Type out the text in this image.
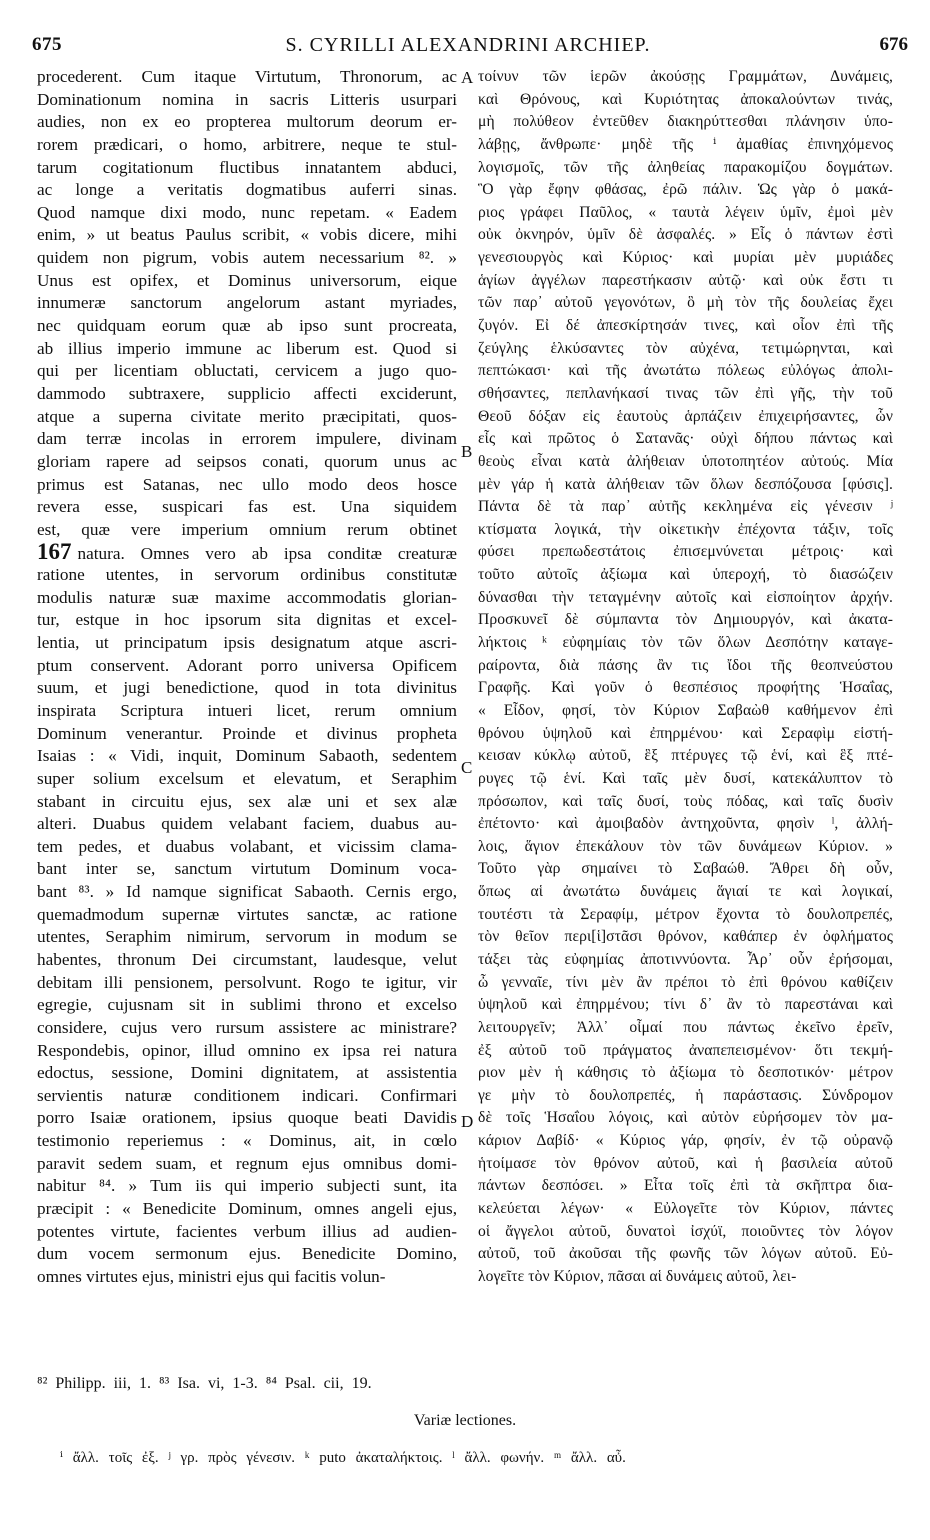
675	S. CYRILLI ALEXANDRINI ARCHIEP.	676
procederent. Cum itaque Virtutum, Thronorum, ac
Dominationum nomina in sacris Litteris usurpari
audies, non ex eo propterea multorum deorum er-
rorem prædicari, o homo, arbitrere, neque te stul-
tarum cogitationum fluctibus innatantem abduci,
ac longe a veritatis dogmatibus auferri sinas.
Quod namque dixi modo, nunc repetam. « Eadem
enim, » ut beatus Paulus scribit, « vobis dicere, mihi
quidem non pigrum, vobis autem necessarium ⁸². »
Unus est opifex, et Dominus universorum, eique
innumeræ sanctorum angelorum astant myriades,
nec quidquam eorum quæ ab ipso sunt procreata,
ab illius imperio immune ac liberum est. Quod si
qui per licentiam obluctati, cervicem a jugo quo-
dammodo subtraxere, supplicio affecti exciderunt,
atque a superna civitate merito præcipitati, quos-
dam terræ incolas in errorem impulere, divinam
gloriam rapere ad seipsos conati, quorum unus ac
primus est Satanas, nec ullo modo deos hosce
revera esse, suspicari fas est. Una siquidem
est, quæ vere imperium omnium rerum obtinet
167 natura. Omnes vero ab ipsa conditæ creaturæ
ratione utentes, in servorum ordinibus constitutæ
modulis naturæ suæ maxime accommodatis glorian-
tur, estque in hoc ipsorum sita dignitas et excel-
lentia, ut principatum ipsis designatum atque ascri-
ptum conservent. Adorant porro universa Opificem
suum, et jugi benedictione, quod in tota divinitus
inspirata Scriptura intueri licet, rerum omnium
Dominum venerantur. Proinde et divinus propheta
Isaias : « Vidi, inquit, Dominum Sabaoth, sedentem
super solium excelsum et elevatum, et Seraphim
stabant in circuitu ejus, sex alæ uni et sex alæ
alteri. Duabus quidem velabant faciem, duabus au-
tem pedes, et duabus volabant, et vicissim clama-
bant inter se, sanctum virtutum Dominum voca-
bant ⁸³. » Id namque significat Sabaoth. Cernis ergo,
quemadmodum supernæ virtutes sanctæ, ac ratione
utentes, Seraphim nimirum, servorum in modum se
habentes, thronum Dei circumstant, laudesque, velut
debitam illi pensionem, persolvunt. Rogo te igitur, vir
egregie, cujusnam sit in sublimi throno et excelso
considere, cujus vero rursum assistere ac ministrare?
Respondebis, opinor, illud omnino ex ipsa rei natura
edoctus, sessione, Domini dignitatem, at assistentia
servientis naturæ conditionem indicari. Confirmari
porro Isaiæ orationem, ipsius quoque beati Davidis
testimonio reperiemus : « Dominus, ait, in cœlo
paravit sedem suam, et regnum ejus omnibus domi-
nabitur ⁸⁴. » Tum iis qui imperio subjecti sunt, ita
præcipit : « Benedicite Dominum, omnes angeli ejus,
potentes virtute, facientes verbum illius ad audien-
dum vocem sermonum ejus. Benedicite Domino,
omnes virtutes ejus, ministri ejus qui facitis volun-
A
B
C
D
τοίνυν τῶν ἱερῶν ἀκούσῃς Γραμμάτων, Δυνάμεις,
καὶ Θρόνους, καὶ Κυριότητας ἀποκαλούντων τινάς,
μὴ πολύθεον ἐντεῦθεν διακηρύττεσθαι πλάνησιν ὑπο-
λάβῃς, ἄνθρωπε· μηδὲ τῆς ⁱ ἀμαθίας ἐπινηχόμενος
λογισμοῖς, τῶν τῆς ἀληθείας παρακομίζου δογμάτων.
Ὃ γὰρ ἔφην φθάσας, ἐρῶ πάλιν. Ὡς γὰρ ὁ μακά-
ριος γράφει Παῦλος, « ταυτὰ λέγειν ὑμῖν, ἐμοὶ μὲν
οὐκ ὀκνηρόν, ὑμῖν δὲ ἀσφαλές. » Εἷς ὁ πάντων ἐστὶ
γενεσιουργὸς καὶ Κύριος· καὶ μυρίαι μὲν μυριάδες
ἁγίων ἀγγέλων παρεστήκασιν αὐτῷ· καὶ οὐκ ἔστι τι
τῶν παρ᾿ αὐτοῦ γεγονότων, ὃ μὴ τὸν τῆς δουλείας ἔχει
ζυγόν. Εἰ δέ ἀπεσκίρτησάν τινες, καὶ οἷον ἐπὶ τῆς
ζεύγλης ἑλκύσαντες τὸν αὐχένα, τετιμώρηνται, καὶ
πεπτώκασι· καὶ τῆς ἀνωτάτω πόλεως εὐλόγως ἀπολι-
σθήσαντες, πεπλανήκασί τινας τῶν ἐπὶ γῆς, τὴν τοῦ
Θεοῦ δόξαν εἰς ἑαυτοὺς ἁρπάζειν ἐπιχειρήσαντες, ὧν
εἷς καὶ πρῶτος ὁ Σατανᾶς· οὐχὶ δήπου πάντως καὶ
θεοὺς εἶναι κατὰ ἀλήθειαν ὑποτοπητέον αὐτούς. Μία
μὲν γάρ ἡ κατὰ ἀλήθειαν τῶν ὅλων δεσπόζουσα [φύσις].
Πάντα δὲ τὰ παρ᾿ αὐτῆς κεκλημένα εἰς γένεσιν ʲ
κτίσματα λογικά, τὴν οἰκετικὴν ἐπέχοντα τάξιν, τοῖς
φύσει πρεπωδεστάτοις ἐπισεμνύνεται μέτροις· καὶ
τοῦτο αὐτοῖς ἀξίωμα καὶ ὑπεροχή, τὸ διασώζειν
δύνασθαι τὴν τεταγμένην αὐτοῖς καὶ εἰσποίητον ἀρχήν.
Προσκυνεῖ δὲ σύμπαντα τὸν Δημιουργόν, καὶ ἀκατα-
λήκτοις ᵏ εὐφημίαις τὸν τῶν ὅλων Δεσπότην καταγε-
ραίροντα, διὰ πάσης ἂν τις ἴδοι τῆς θεοπνεύστου
Γραφῆς. Καὶ γοῦν ὁ θεσπέσιος προφήτης Ἡσαΐας,
« Εἶδον, φησί, τὸν Κύριον Σαβαὼθ καθήμενον ἐπὶ
θρόνου ὑψηλοῦ καὶ ἐπηρμένου· καὶ Σεραφὶμ εἱστή-
κεισαν κύκλῳ αὐτοῦ, ἓξ πτέρυγες τῷ ἑνί, καὶ ἓξ πτέ-
ρυγες τῷ ἑνί. Καὶ ταῖς μὲν δυσί, κατεκάλυπτον τὸ
πρόσωπον, καὶ ταῖς δυσί, τοὺς πόδας, καὶ ταῖς δυσὶν
ἐπέτοντο· καὶ ἀμοιβαδὸν ἀντηχοῦντα, φησὶν ˡ, ἀλλή-
λοις, ἅγιον ἐπεκάλουν τὸν τῶν δυνάμεων Κύριον. »
Τοῦτο γὰρ σημαίνει τὸ Σαβαώθ. Ἄθρει δὴ οὖν,
ὅπως αἱ ἀνωτάτω δυνάμεις ἅγιαί τε καὶ λογικαί,
τουτέστι τὰ Σεραφίμ, μέτρον ἔχοντα τὸ δουλοπρεπές,
τὸν θεῖον περι[ἱ]στᾶσι θρόνον, καθάπερ ἐν ὀφλήματος
τάξει τὰς εὐφημίας ἀποτιννύοντα. Ἆρ᾿ οὖν ἐρήσομαι,
ὦ γενναῖε, τίνι μὲν ἂν πρέποι τὸ ἐπὶ θρόνου καθίζειν
ὑψηλοῦ καὶ ἐπηρμένου; τίνι δ᾿ ἂν τὸ παρεστάναι καὶ
λειτουργεῖν; Ἀλλ᾿ οἶμαί που πάντως ἐκεῖνο ἐρεῖν,
ἐξ αὐτοῦ τοῦ πράγματος ἀναπεπεισμένον· ὅτι τεκμή-
ριον μὲν ἡ κάθησις τὸ ἀξίωμα τὸ δεσποτικόν· μέτρον
γε μὴν τὸ δουλοπρεπές, ἡ παράστασις. Σύνδρομον
δὲ τοῖς Ἡσαΐου λόγοις, καὶ αὐτὸν εὑρήσομεν τὸν μα-
κάριον Δαβίδ· « Κύριος γάρ, φησίν, ἐν τῷ οὐρανῷ
ἡτοίμασε τὸν θρόνον αὐτοῦ, καὶ ἡ βασιλεία αὐτοῦ
πάντων δεσπόσει. » Εἶτα τοῖς ἐπὶ τὰ σκῆπτρα δια-
κελεύεται λέγων· « Εὐλογεῖτε τὸν Κύριον, πάντες
οἱ ἄγγελοι αὐτοῦ, δυνατοὶ ἰσχύϊ, ποιοῦντες τὸν λόγον
αὐτοῦ, τοῦ ἀκοῦσαι τῆς φωνῆς τῶν λόγων αὐτοῦ. Εὐ-
λογεῖτε τὸν Κύριον, πᾶσαι αἱ δυνάμεις αὐτοῦ, λει-
⁸² Philipp. iii, 1. ⁸³ Isa. vi, 1-3. ⁸⁴ Psal. cii, 19.
Variæ lectiones.
ⁱ ἄλλ. τοῖς ἐξ. ʲ γρ. πρὸς γένεσιν. ᵏ puto ἀκαταλήκτοις. ˡ ἄλλ. φωνήν. ᵐ ἄλλ. αὖ.
